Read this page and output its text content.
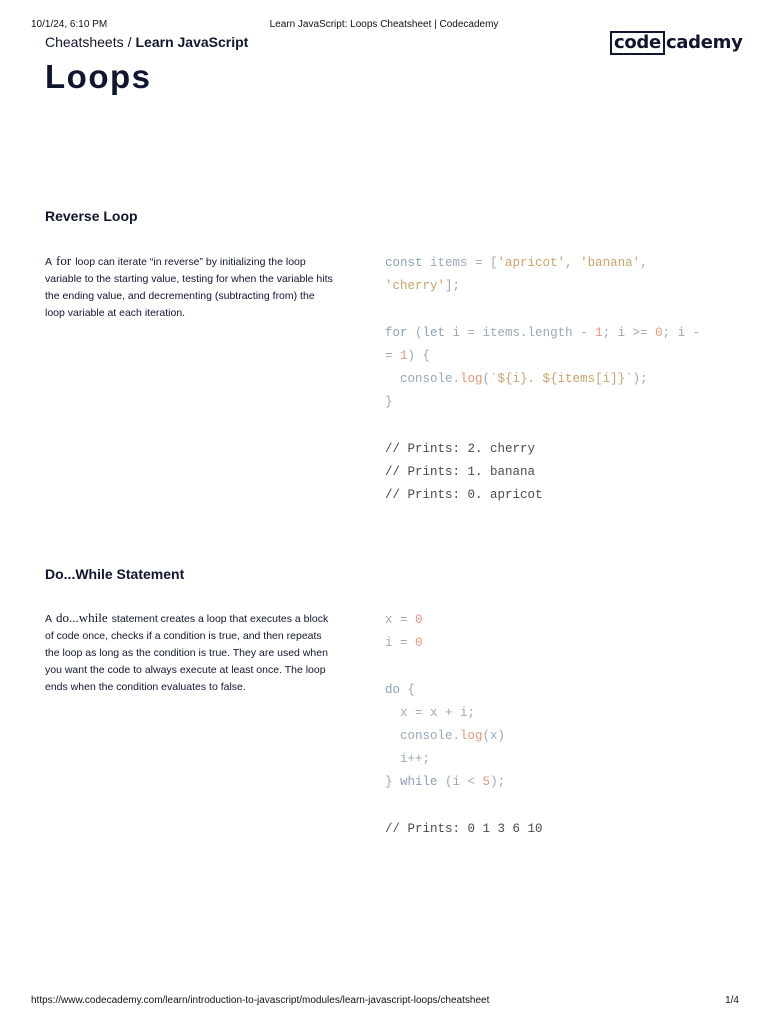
10/1/24, 6:10 PM	Learn JavaScript: Loops Cheatsheet | Codecademy
Cheatsheets / Learn JavaScript	code cademy
Loops
Reverse Loop

A for loop can iterate “in reverse” by initializing the loop variable to the starting value, testing for when the variable hits the ending value, and decrementing (subtracting from) the loop variable at each iteration.

const items = ['apricot', 'banana',
'cherry'];

for (let i = items.length - 1; i >= 0; i -
= 1) {
console.log(`${i}. ${items[i]}`);
}

// Prints: 2. cherry
// Prints: 1. banana
// Prints: 0. apricot
Do...While Statement

A do...while statement creates a loop that executes a block of code once, checks if a condition is true, and then repeats the loop as long as the condition is true. They are used when you want the code to always execute at least once. The loop ends when the condition evaluates to false.

x = 0
i = 0

do {
x = x + i;
console.log(x)
i++;
} while (i < 5);

// Prints: 0 1 3 6 10
https://www.codecademy.com/learn/introduction-to-javascript/modules/learn-javascript-loops/cheatsheet	1/4
